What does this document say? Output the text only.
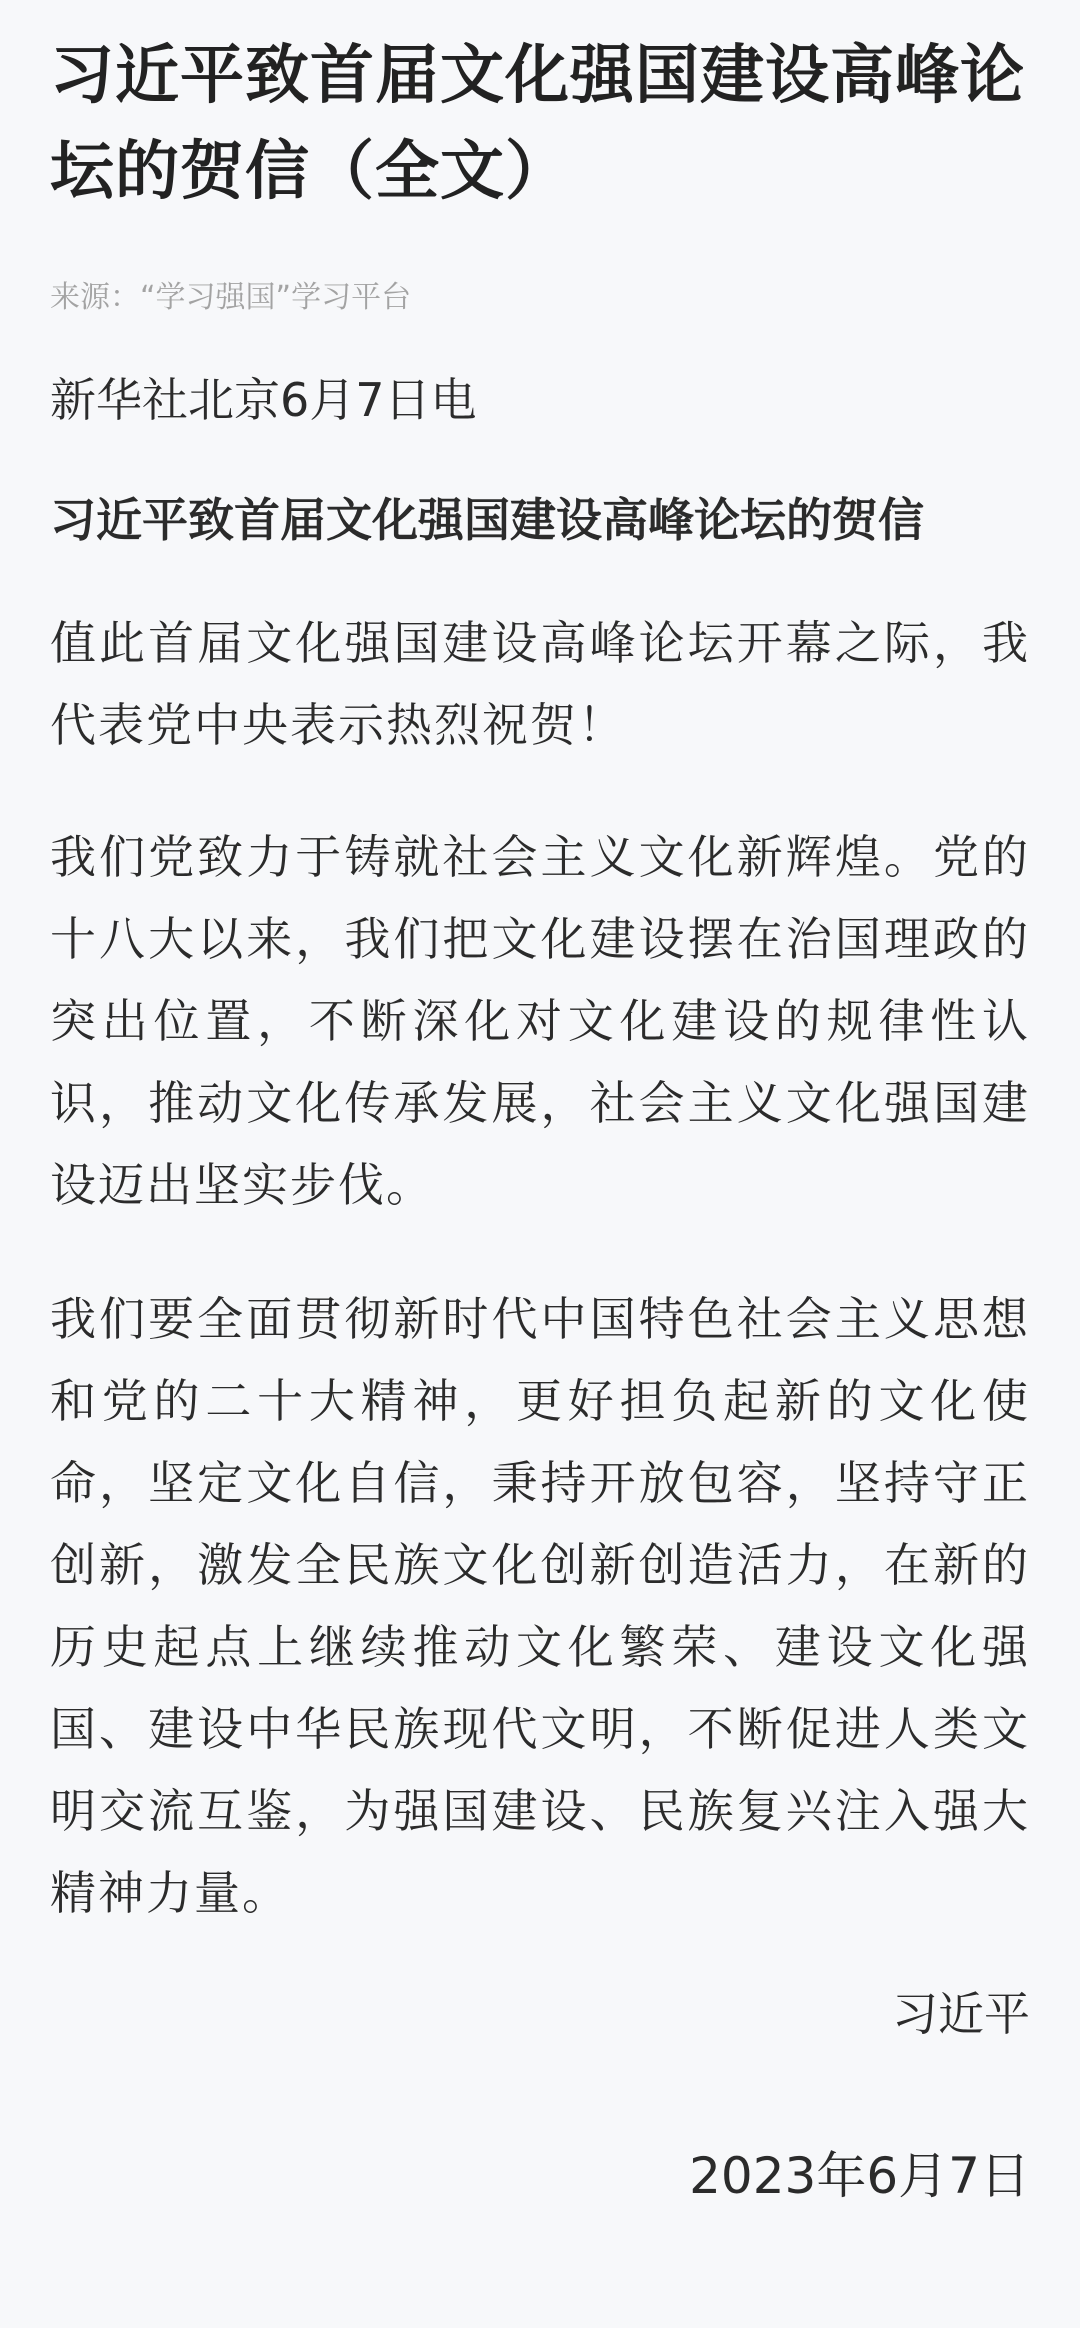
习近平致首届文化强国建设高峰论坛的贺信（全文）
来源：“学习强国”学习平台
新华社北京6月7日电
习近平致首届文化强国建设高峰论坛的贺信

值此首届文化强国建设高峰论坛开幕之际，我代表党中央表示热烈祝贺！

我们党致力于铸就社会主义文化新辉煌。党的十八大以来，我们把文化建设摆在治国理政的突出位置，不断深化对文化建设的规律性认识，推动文化传承发展，社会主义文化强国建设迈出坚实步伐。

我们要全面贯彻新时代中国特色社会主义思想和党的二十大精神，更好担负起新的文化使命，坚定文化自信，秉持开放包容，坚持守正创新，激发全民族文化创新创造活力，在新的历史起点上继续推动文化繁荣、建设文化强国、建设中华民族现代文明，不断促进人类文明交流互鉴，为强国建设、民族复兴注入强大精神力量。

习近平
2023年6月7日
